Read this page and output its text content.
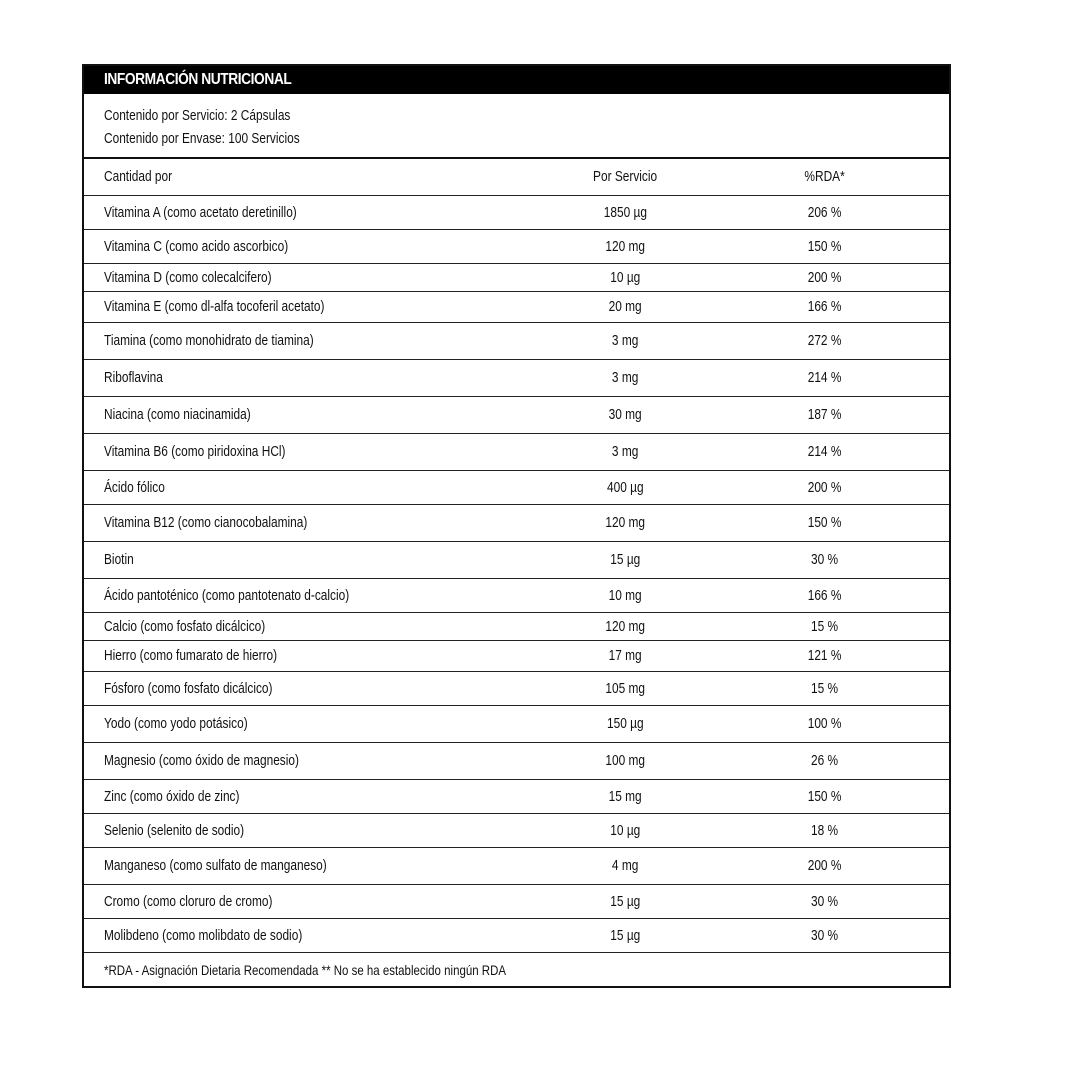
INFORMACIÓN NUTRICIONAL
Contenido por Servicio: 2 Cápsulas
Contenido por Envase: 100 Servicios
Cantidad por	Por Servicio	%RDA*
Vitamina A (como acetato deretinillo)	1850 µg	206 %
Vitamina C (como acido ascorbico)	120 mg	150 %
Vitamina D (como colecalcifero)	10 µg	200 %
Vitamina E (como dl-alfa tocoferil acetato)	20 mg	166 %
Tiamina (como monohidrato de tiamina)	3 mg	272 %
Riboflavina	3 mg	214 %
Niacina (como niacinamida)	30 mg	187 %
Vitamina B6 (como piridoxina HCl)	3 mg	214 %
Ácido fólico	400 µg	200 %
Vitamina B12 (como cianocobalamina)	120 mg	150 %
Biotin	15 µg	30 %
Ácido pantoténico (como pantotenato d-calcio)	10 mg	166 %
Calcio (como fosfato dicálcico)	120 mg	15 %
Hierro (como fumarato de hierro)	17 mg	121 %
Fósforo (como fosfato dicálcico)	105 mg	15 %
Yodo (como yodo potásico)	150 µg	100 %
Magnesio (como óxido de magnesio)	100 mg	26 %
Zinc (como óxido de zinc)	15 mg	150 %
Selenio (selenito de sodio)	10 µg	18 %
Manganeso (como sulfato de manganeso)	4 mg	200 %
Cromo (como cloruro de cromo)	15 µg	30 %
Molibdeno (como molibdato de sodio)	15 µg	30 %
*RDA - Asignación Dietaria Recomendada ** No se ha establecido ningún RDA
